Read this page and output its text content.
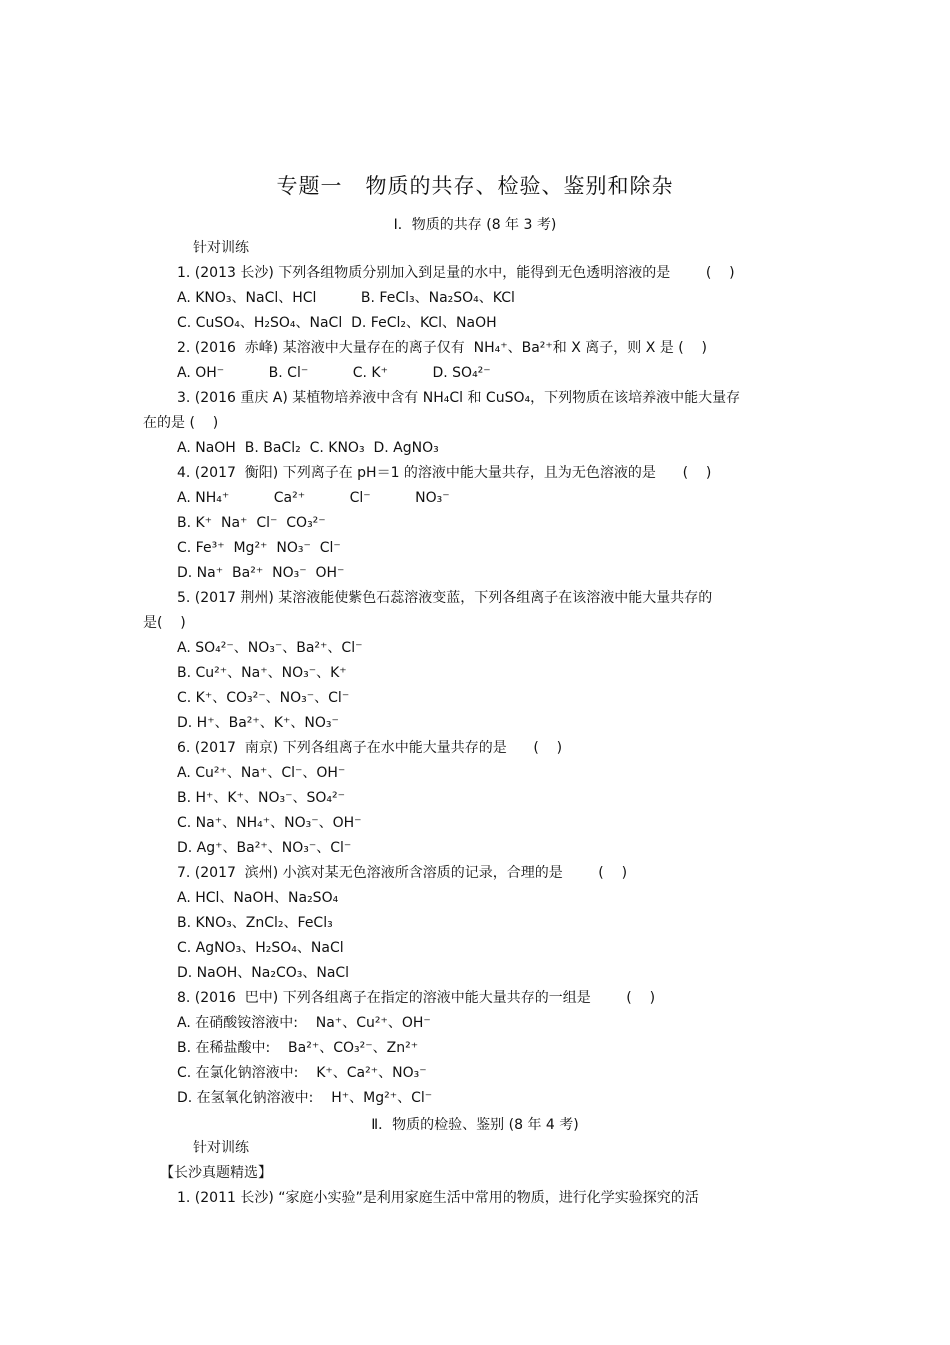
专题一   物质的共存、检验、鉴别和除杂
Ⅰ．物质的共存 (8 年 3 考)
针对训练
1. (2013 长沙) 下列各组物质分别加入到足量的水中，能得到无色透明溶液的是        (    )
A. KNO₃、NaCl、HCl          B. FeCl₃、Na₂SO₄、KCl
C. CuSO₄、H₂SO₄、NaCl  D. FeCl₂、KCl、NaOH
2. (2016  赤峰) 某溶液中大量存在的离子仅有  NH₄⁺、Ba²⁺和 X 离子，则 X 是 (    )
A. OH⁻          B. Cl⁻          C. K⁺          D. SO₄²⁻
3. (2016 重庆 A) 某植物培养液中含有 NH₄Cl 和 CuSO₄，下列物质在该培养液中能大量存
在的是 (    )
A. NaOH  B. BaCl₂  C. KNO₃  D. AgNO₃
4. (2017  衡阳) 下列离子在 pH＝1 的溶液中能大量共存，且为无色溶液的是      (    )
A. NH₄⁺          Ca²⁺          Cl⁻          NO₃⁻
B. K⁺  Na⁺  Cl⁻  CO₃²⁻
C. Fe³⁺  Mg²⁺  NO₃⁻  Cl⁻
D. Na⁺  Ba²⁺  NO₃⁻  OH⁻
5. (2017 荆州) 某溶液能使紫色石蕊溶液变蓝，下列各组离子在该溶液中能大量共存的
是(    )
A. SO₄²⁻、NO₃⁻、Ba²⁺、Cl⁻
B. Cu²⁺、Na⁺、NO₃⁻、K⁺
C. K⁺、CO₃²⁻、NO₃⁻、Cl⁻
D. H⁺、Ba²⁺、K⁺、NO₃⁻
6. (2017  南京) 下列各组离子在水中能大量共存的是      (    )
A. Cu²⁺、Na⁺、Cl⁻、OH⁻
B. H⁺、K⁺、NO₃⁻、SO₄²⁻
C. Na⁺、NH₄⁺、NO₃⁻、OH⁻
D. Ag⁺、Ba²⁺、NO₃⁻、Cl⁻
7. (2017  滨州) 小滨对某无色溶液所含溶质的记录，合理的是        (    )
A. HCl、NaOH、Na₂SO₄
B. KNO₃、ZnCl₂、FeCl₃
C. AgNO₃、H₂SO₄、NaCl
D. NaOH、Na₂CO₃、NaCl
8. (2016  巴中) 下列各组离子在指定的溶液中能大量共存的一组是        (    )
A. 在硝酸铵溶液中:    Na⁺、Cu²⁺、OH⁻
B. 在稀盐酸中:    Ba²⁺、CO₃²⁻、Zn²⁺
C. 在氯化钠溶液中:    K⁺、Ca²⁺、NO₃⁻
D. 在氢氧化钠溶液中:    H⁺、Mg²⁺、Cl⁻
Ⅱ．物质的检验、鉴别 (8 年 4 考)
针对训练
【长沙真题精选】
1. (2011 长沙) “家庭小实验”是利用家庭生活中常用的物质，进行化学实验探究的活
